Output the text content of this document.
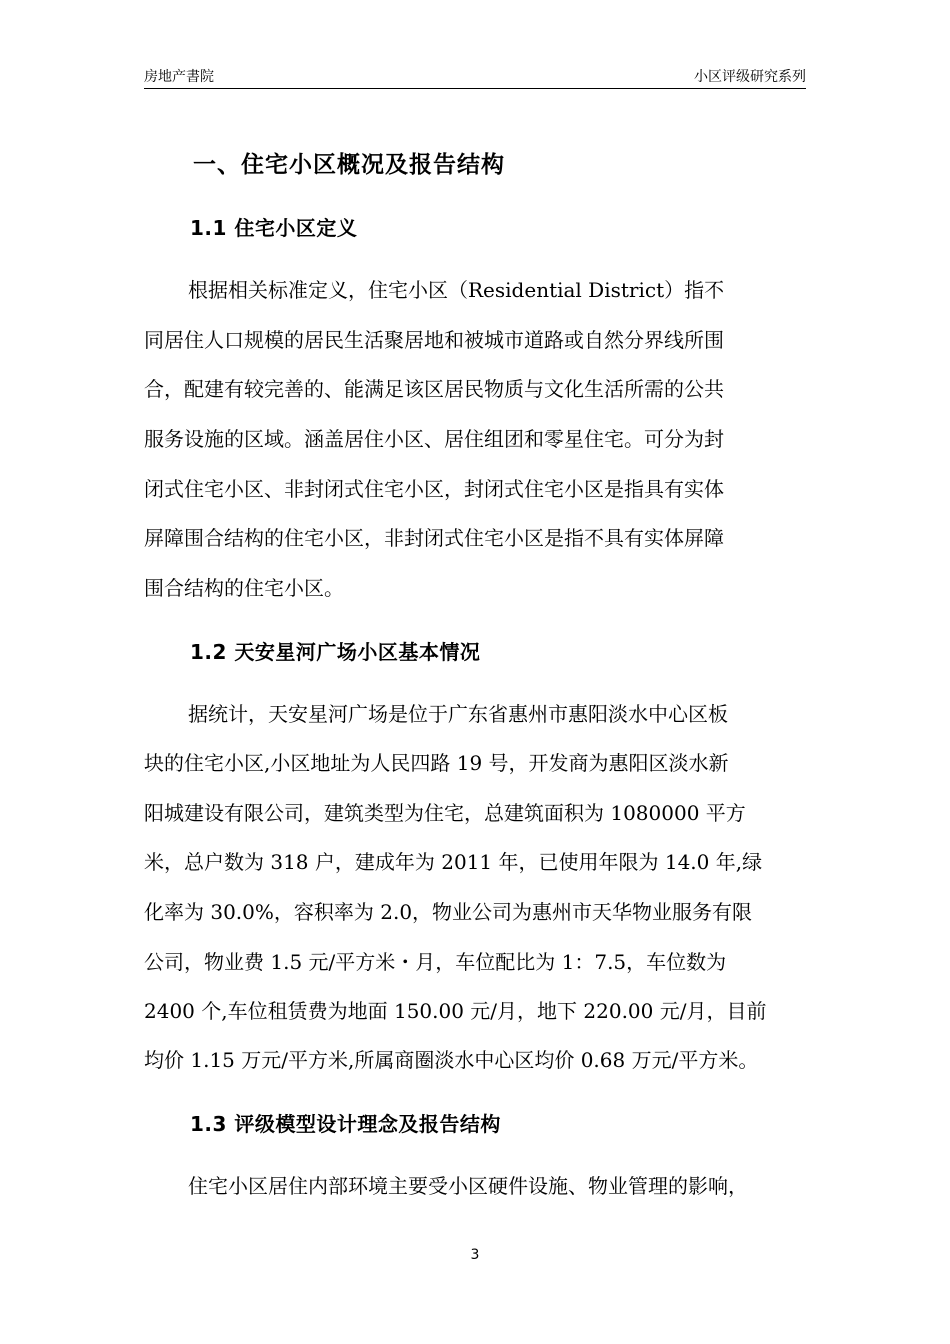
房地产書院	小区评级研究系列
一、住宅小区概况及报告结构
1.1 住宅小区定义
根据相关标准定义，住宅小区（Residential District）指不
同居住人口规模的居民生活聚居地和被城市道路或自然分界线所围
合，配建有较完善的、能满足该区居民物质与文化生活所需的公共
服务设施的区域。涵盖居住小区、居住组团和零星住宅。可分为封
闭式住宅小区、非封闭式住宅小区，封闭式住宅小区是指具有实体
屏障围合结构的住宅小区，非封闭式住宅小区是指不具有实体屏障
围合结构的住宅小区。
1.2 天安星河广场小区基本情况
据统计，天安星河广场是位于广东省惠州市惠阳淡水中心区板
块的住宅小区,小区地址为人民四路 19 号，开发商为惠阳区淡水新
阳城建设有限公司，建筑类型为住宅，总建筑面积为 1080000 平方
米，总户数为 318 户，建成年为 2011 年，已使用年限为 14.0 年,绿
化率为 30.0%，容积率为 2.0，物业公司为惠州市天华物业服务有限
公司，物业费 1.5 元/平方米・月，车位配比为 1：7.5，车位数为
2400 个,车位租赁费为地面 150.00 元/月，地下 220.00 元/月，目前
均价 1.15 万元/平方米,所属商圈淡水中心区均价 0.68 万元/平方米。
1.3 评级模型设计理念及报告结构
住宅小区居住内部环境主要受小区硬件设施、物业管理的影响，
3
